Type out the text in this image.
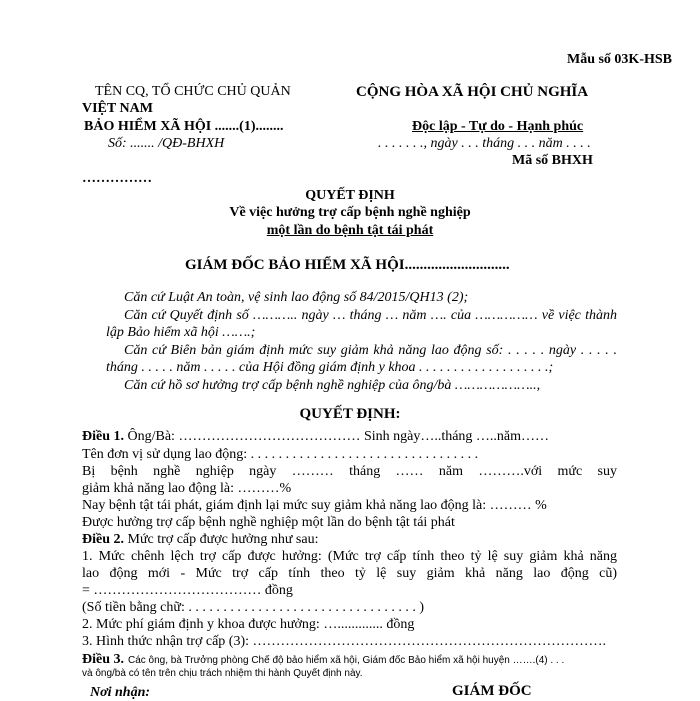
Mẫu số 03K-HSB
TÊN CQ, TỔ CHỨC CHỦ QUẢN
VIỆT NAM
BẢO HIỂM XÃ HỘI .......(1)........
Số: ....... /QĐ-BHXH
……………
CỘNG HÒA XÃ HỘI CHỦ NGHĨA
Độc lập - Tự do - Hạnh phúc
. . . . . . ., ngày . . . tháng . . . năm . . . .
Mã số BHXH
QUYẾT ĐỊNH
Về việc hưởng trợ cấp bệnh nghề nghiệp
một lần do bệnh tật tái phát
GIÁM ĐỐC BẢO HIỂM XÃ HỘI............................
Căn cứ Luật An toàn, vệ sinh lao động số 84/2015/QH13 (2);
Căn cứ Quyết định số ……….. ngày … tháng … năm …. của …………… về việc thành
lập Bảo hiểm xã hội …….;
Căn cứ Biên bản giám định mức suy giảm khả năng lao động số: . . . . . ngày . . . . .
tháng . . . . . năm . . . . . của Hội đồng giám định y khoa . . . . . . . . . . . . . . . . . . .;
Căn cứ hồ sơ hưởng trợ cấp bệnh nghề nghiệp của ông/bà ………………..,
QUYẾT ĐỊNH:
Điều 1. Ông/Bà: ………………………………… Sinh ngày…..tháng …..năm……
Tên đơn vị sử dụng lao động: . . . . . . . . . . . . . . . . . . . . . . . . . . . . . . . . .
Bị bệnh nghề nghiệp ngày ……… tháng …… năm ……….với mức suy
giảm khả năng lao động là: ………%
Nay bệnh tật tái phát, giám định lại mức suy giảm khả năng lao động là: ……… %
Được hưởng trợ cấp bệnh nghề nghiệp một lần do bệnh tật tái phát
Điều 2. Mức trợ cấp được hưởng như sau:
1. Mức chênh lệch trợ cấp được hưởng: (Mức trợ cấp tính theo tỷ lệ suy giảm khả năng
lao động mới - Mức trợ cấp tính theo tỷ lệ suy giảm khả năng lao động cũ)
= ……………………………… đồng
(Số tiền bằng chữ: . . . . . . . . . . . . . . . . . . . . . . . . . . . . . . . . . )
2. Mức phí giám định y khoa được hưởng: …............. đồng
3. Hình thức nhận trợ cấp (3): ………………………………………………………………….
Điều 3. Các ông, bà Trưởng phòng Chế độ bảo hiểm xã hội, Giám đốc Bảo hiểm xã hội huyện …….(4) . . .
và ông/bà có tên trên chịu trách nhiệm thi hành Quyết định này.
Nơi nhận:	GIÁM ĐỐC
